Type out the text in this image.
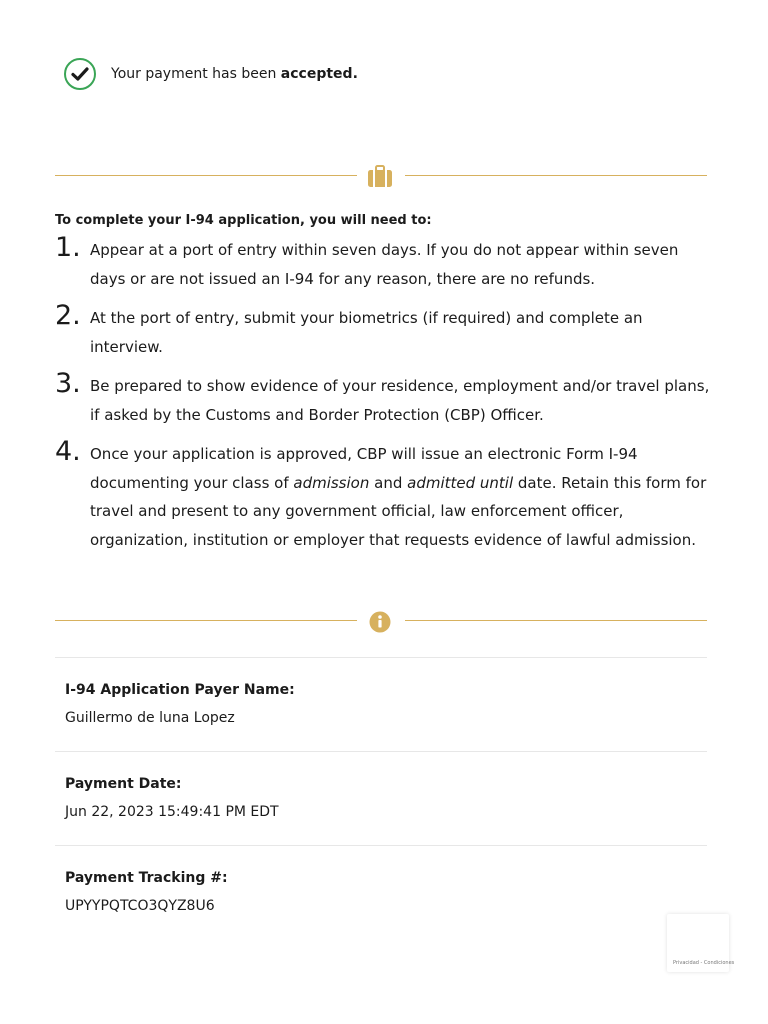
Your payment has been accepted.
To complete your I-94 application, you will need to:
1. Appear at a port of entry within seven days. If you do not appear within seven days or are not issued an I-94 for any reason, there are no refunds.
2. At the port of entry, submit your biometrics (if required) and complete an interview.
3. Be prepared to show evidence of your residence, employment and/or travel plans, if asked by the Customs and Border Protection (CBP) Officer.
4. Once your application is approved, CBP will issue an electronic Form I-94 documenting your class of admission and admitted until date. Retain this form for travel and present to any government official, law enforcement officer, organization, institution or employer that requests evidence of lawful admission.
I-94 Application Payer Name:
Guillermo de luna Lopez
Payment Date:
Jun 22, 2023 15:49:41 PM EDT
Payment Tracking #:
UPYYPQTCO3QYZ8U6
Privacidad - Condiciones
